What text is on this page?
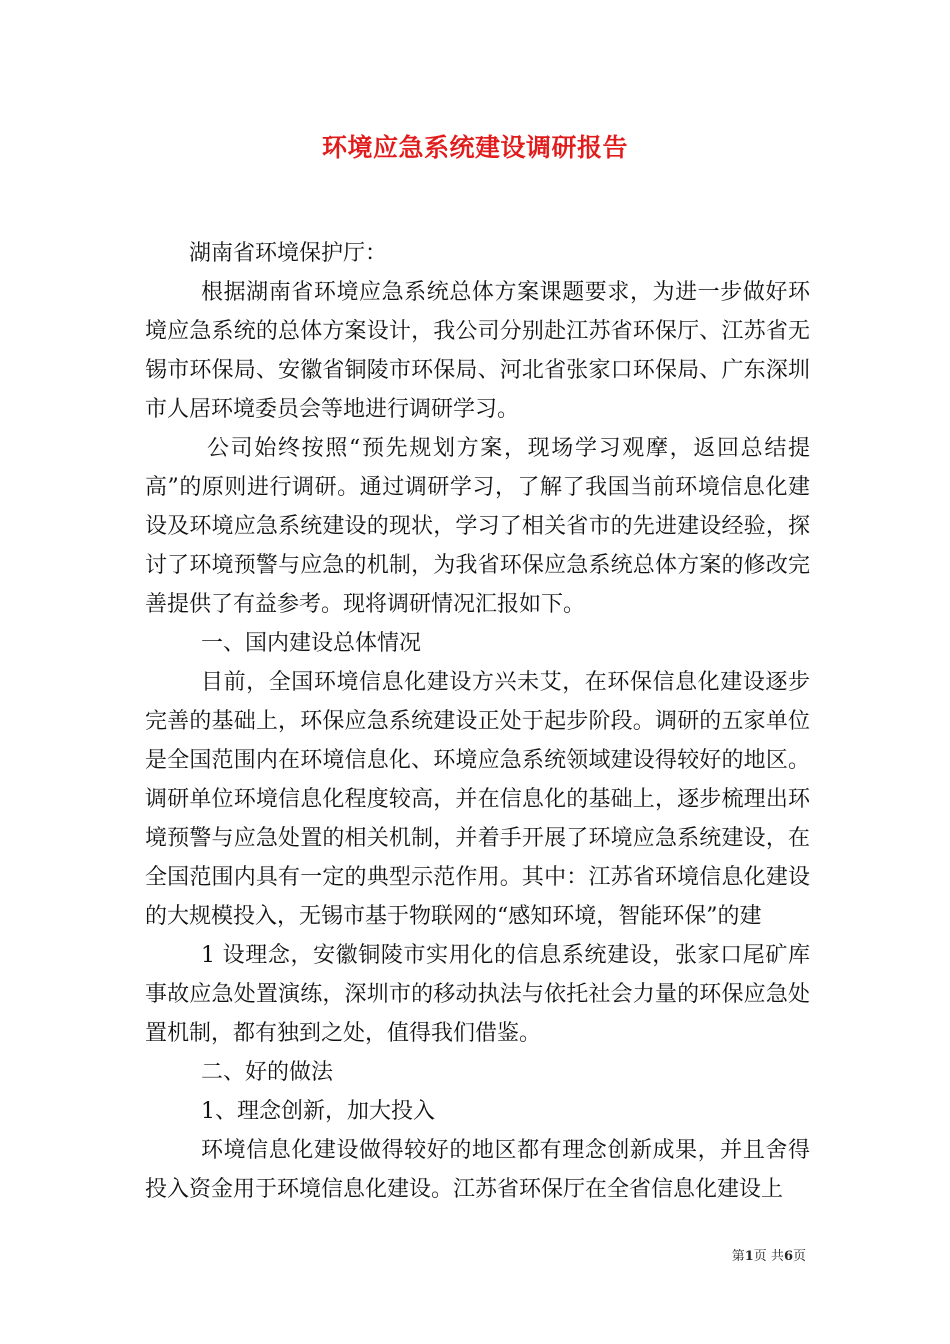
环境应急系统建设调研报告

湖南省环境保护厅：

根据湖南省环境应急系统总体方案课题要求，为进一步做好环境应急系统的总体方案设计，我公司分别赴江苏省环保厅、江苏省无锡市环保局、安徽省铜陵市环保局、河北省张家口环保局、广东深圳市人居环境委员会等地进行调研学习。

公司始终按照“预先规划方案，现场学习观摩，返回总结提高”的原则进行调研。通过调研学习，了解了我国当前环境信息化建设及环境应急系统建设的现状，学习了相关省市的先进建设经验，探讨了环境预警与应急的机制，为我省环保应急系统总体方案的修改完善提供了有益参考。现将调研情况汇报如下。

一、国内建设总体情况

目前，全国环境信息化建设方兴未艾，在环保信息化建设逐步完善的基础上，环保应急系统建设正处于起步阶段。调研的五家单位是全国范围内在环境信息化、环境应急系统领域建设得较好的地区。调研单位环境信息化程度较高，并在信息化的基础上，逐步梳理出环境预警与应急处置的相关机制，并着手开展了环境应急系统建设，在全国范围内具有一定的典型示范作用。其中：江苏省环境信息化建设的大规模投入，无锡市基于物联网的“感知环境，智能环保”的建

1 设理念，安徽铜陵市实用化的信息系统建设，张家口尾矿库事故应急处置演练，深圳市的移动执法与依托社会力量的环保应急处置机制，都有独到之处，值得我们借鉴。

二、好的做法

1、理念创新，加大投入

环境信息化建设做得较好的地区都有理念创新成果，并且舍得投入资金用于环境信息化建设。江苏省环保厅在全省信息化建设上

第1页 共6页
